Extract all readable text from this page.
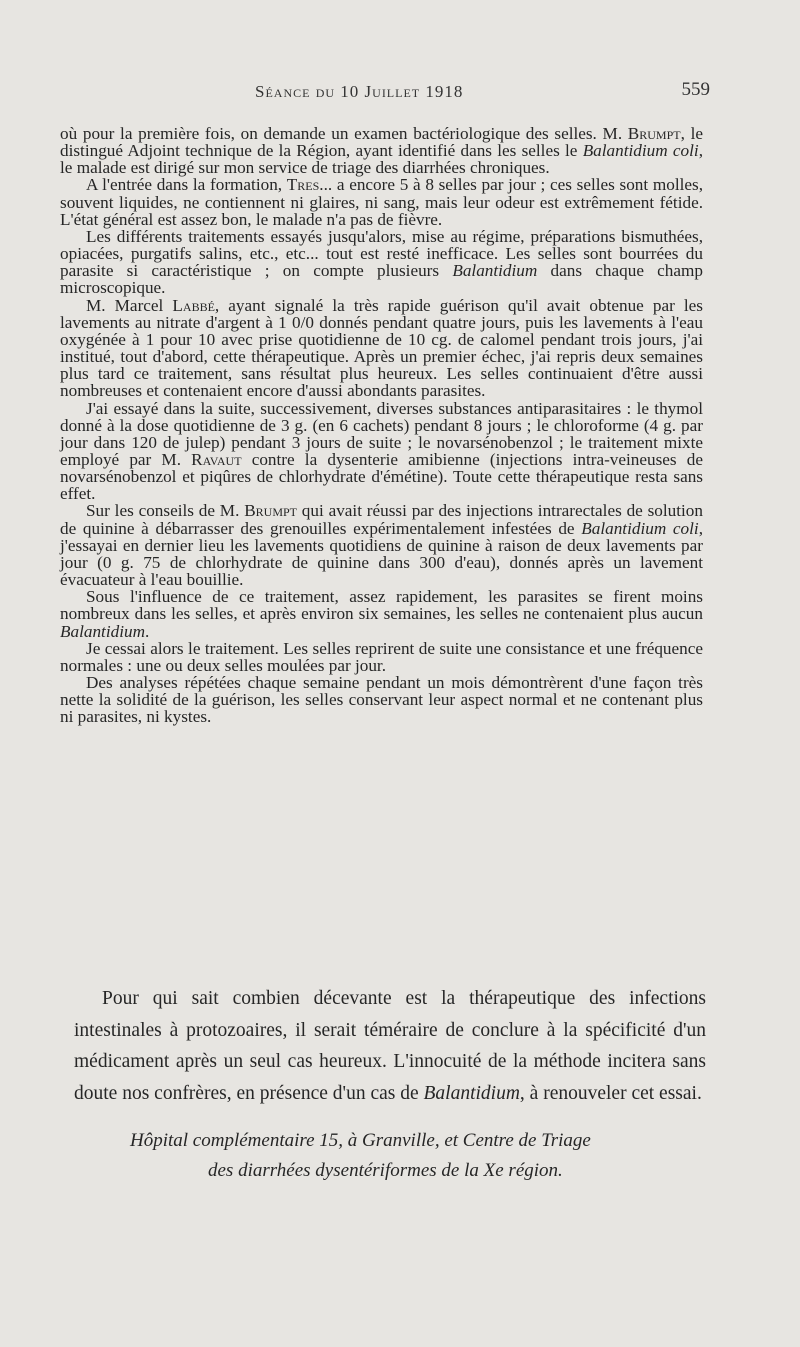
Séance du 10 Juillet 1918	559

où pour la première fois, on demande un examen bactériologique des selles. M. Brumpt, le distingué Adjoint technique de la Région, ayant identifié dans les selles le Balantidium coli, le malade est dirigé sur mon service de triage des diarrhées chroniques.

A l'entrée dans la formation, Tres... a encore 5 à 8 selles par jour ; ces selles sont molles, souvent liquides, ne contiennent ni glaires, ni sang, mais leur odeur est extrêmement fétide. L'état général est assez bon, le malade n'a pas de fièvre.

Les différents traitements essayés jusqu'alors, mise au régime, préparations bismuthées, opiacées, purgatifs salins, etc., etc... tout est resté inefficace. Les selles sont bourrées du parasite si caractéristique ; on compte plusieurs Balantidium dans chaque champ microscopique.

M. Marcel Labbé, ayant signalé la très rapide guérison qu'il avait obtenue par les lavements au nitrate d'argent à 1 0/0 donnés pendant quatre jours, puis les lavements à l'eau oxygénée à 1 pour 10 avec prise quotidienne de 10 cg. de calomel pendant trois jours, j'ai institué, tout d'abord, cette thérapeutique. Après un premier échec, j'ai repris deux semaines plus tard ce traitement, sans résultat plus heureux. Les selles continuaient d'être aussi nombreuses et contenaient encore d'aussi abondants parasites.

J'ai essayé dans la suite, successivement, diverses substances antiparasitaires : le thymol donné à la dose quotidienne de 3 g. (en 6 cachets) pendant 8 jours ; le chloroforme (4 g. par jour dans 120 de julep) pendant 3 jours de suite ; le novarsénobenzol ; le traitement mixte employé par M. Ravaut contre la dysenterie amibienne (injections intra-veineuses de novarsénobenzol et piqûres de chlorhydrate d'émétine). Toute cette thérapeutique resta sans effet.

Sur les conseils de M. Brumpt qui avait réussi par des injections intrarectales de solution de quinine à débarrasser des grenouilles expérimentalement infestées de Balantidium coli, j'essayai en dernier lieu les lavements quotidiens de quinine à raison de deux lavements par jour (0 g. 75 de chlorhydrate de quinine dans 300 d'eau), donnés après un lavement évacuateur à l'eau bouillie.

Sous l'influence de ce traitement, assez rapidement, les parasites se firent moins nombreux dans les selles, et après environ six semaines, les selles ne contenaient plus aucun Balantidium.

Je cessai alors le traitement. Les selles reprirent de suite une consistance et une fréquence normales : une ou deux selles moulées par jour.

Des analyses répétées chaque semaine pendant un mois démontrèrent d'une façon très nette la solidité de la guérison, les selles conservant leur aspect normal et ne contenant plus ni parasites, ni kystes.

Pour qui sait combien décevante est la thérapeutique des infections intestinales à protozoaires, il serait téméraire de conclure à la spécificité d'un médicament après un seul cas heureux. L'innocuité de la méthode incitera sans doute nos confrères, en présence d'un cas de Balantidium, à renouveler cet essai.

Hôpital complémentaire 15, à Granville, et Centre de Triage
des diarrhées dysentériformes de la Xe région.
